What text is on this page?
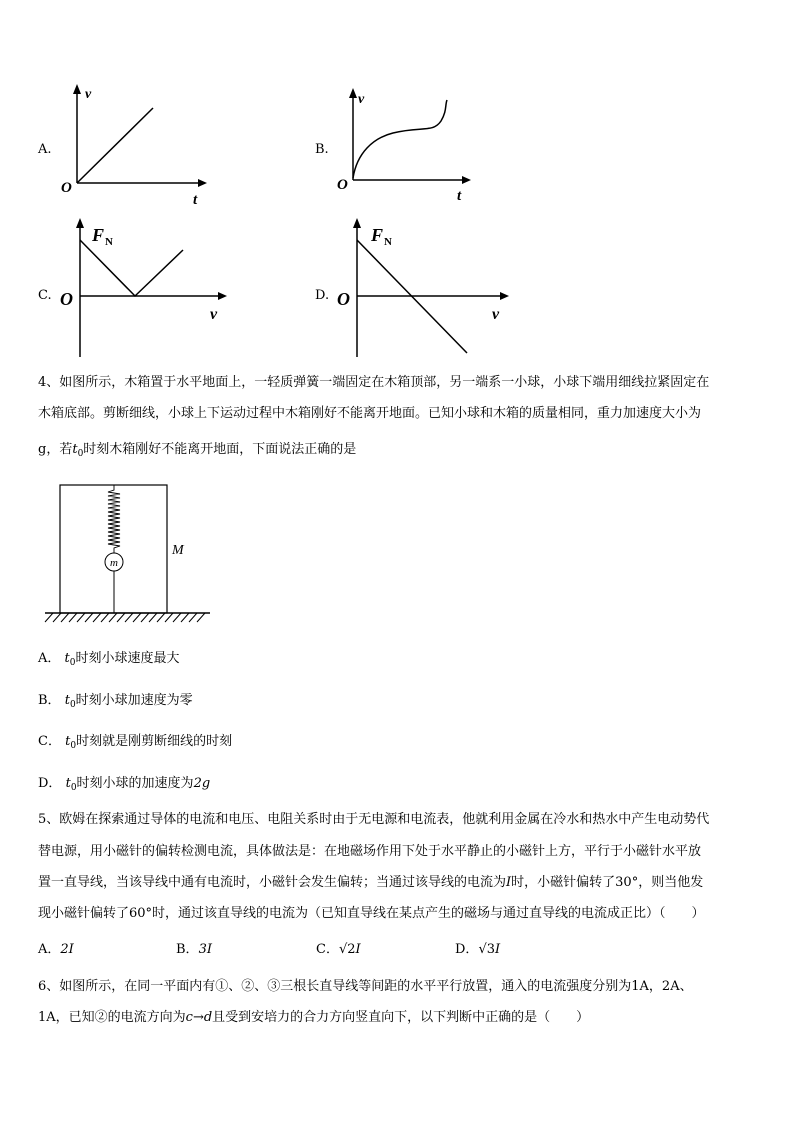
A.
v
O
t
B.
v
O
t
C.
F N
O
v
D.
F N
O
v
4、如图所示，木箱置于水平地面上，一轻质弹簧一端固定在木箱顶部，另一端系一小球，小球下端用细线拉紧固定在
木箱底部。剪断细线，小球上下运动过程中木箱刚好不能离开地面。已知小球和木箱的质量相同，重力加速度大小为
g，若$t_0$时刻木箱刚好不能离开地面，下面说法正确的是
m
M
A． $t_0$时刻小球速度最大
B． $t_0$时刻小球加速度为零
C． $t_0$时刻就是刚剪断细线的时刻
D． $t_0$时刻小球的加速度为2g
5、欧姆在探索通过导体的电流和电压、电阻关系时由于无电源和电流表，他就利用金属在冷水和热水中产生电动势代
替电源，用小磁针的偏转检测电流，具体做法是：在地磁场作用下处于水平静止的小磁针上方，平行于小磁针水平放
置一直导线，当该导线中通有电流时，小磁针会发生偏转；当通过该导线的电流为I时，小磁针偏转了30°，则当他发
现小磁针偏转了60°时，通过该直导线的电流为（已知直导线在某点产生的磁场与通过直导线的电流成正比）（　　）
A．2I	B．3I	C．√2I	D．√3I
6、如图所示，在同一平面内有①、②、③三根长直导线等间距的水平平行放置，通入的电流强度分别为1A，2A、
1A，已知②的电流方向为c→d且受到安培力的合力方向竖直向下，以下判断中正确的是（　　）
